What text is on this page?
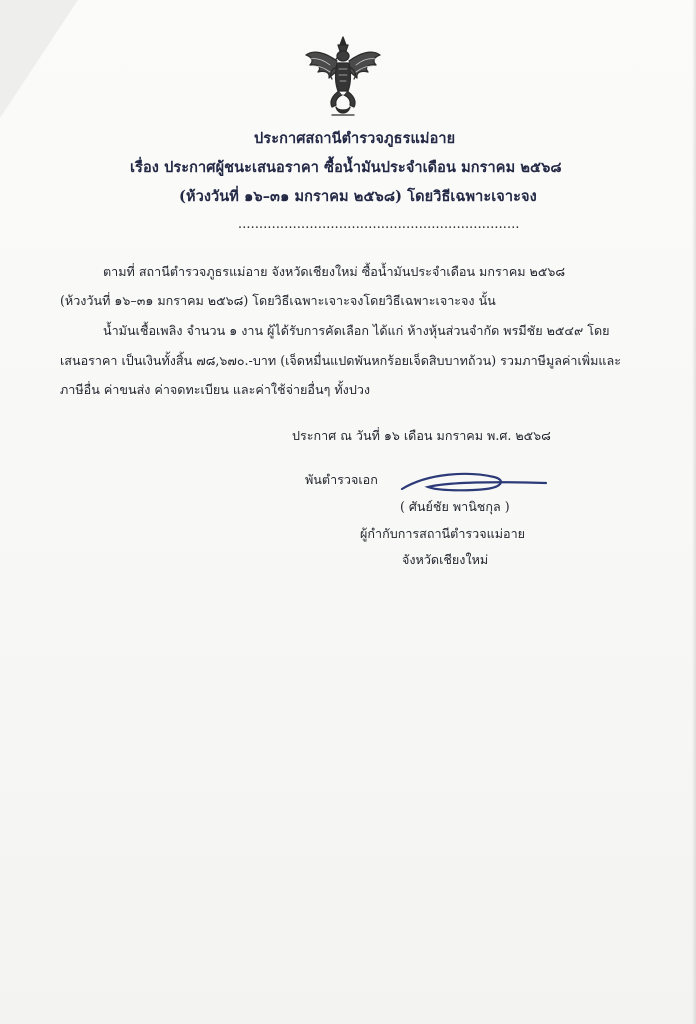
ประกาศสถานีตำรวจภูธรแม่อาย
เรื่อง ประกาศผู้ชนะเสนอราคา ซื้อน้ำมันประจำเดือน มกราคม ๒๕๖๘
(ห้วงวันที่ ๑๖–๓๑ มกราคม ๒๕๖๘) โดยวิธีเฉพาะเจาะจง
...................................................................
ตามที่ สถานีตำรวจภูธรแม่อาย จังหวัดเชียงใหม่ ซื้อน้ำมันประจำเดือน มกราคม ๒๕๖๘
(ห้วงวันที่ ๑๖–๓๑ มกราคม ๒๕๖๘) โดยวิธีเฉพาะเจาะจงโดยวิธีเฉพาะเจาะจง นั้น
น้ำมันเชื้อเพลิง จำนวน ๑ งาน ผู้ได้รับการคัดเลือก ได้แก่ ห้างหุ้นส่วนจำกัด พรมีชัย ๒๕๔๙ โดย
เสนอราคา เป็นเงินทั้งสิ้น ๗๘,๖๗๐.-บาท (เจ็ดหมื่นแปดพันหกร้อยเจ็ดสิบบาทถ้วน) รวมภาษีมูลค่าเพิ่มและ
ภาษีอื่น ค่าขนส่ง ค่าจดทะเบียน และค่าใช้จ่ายอื่นๆ ทั้งปวง
ประกาศ ณ วันที่ ๑๖ เดือน มกราคม พ.ศ. ๒๕๖๘
พันตำรวจเอก
( ศันย์ชัย พานิชกุล )
ผู้กำกับการสถานีตำรวจแม่อาย
จังหวัดเชียงใหม่
